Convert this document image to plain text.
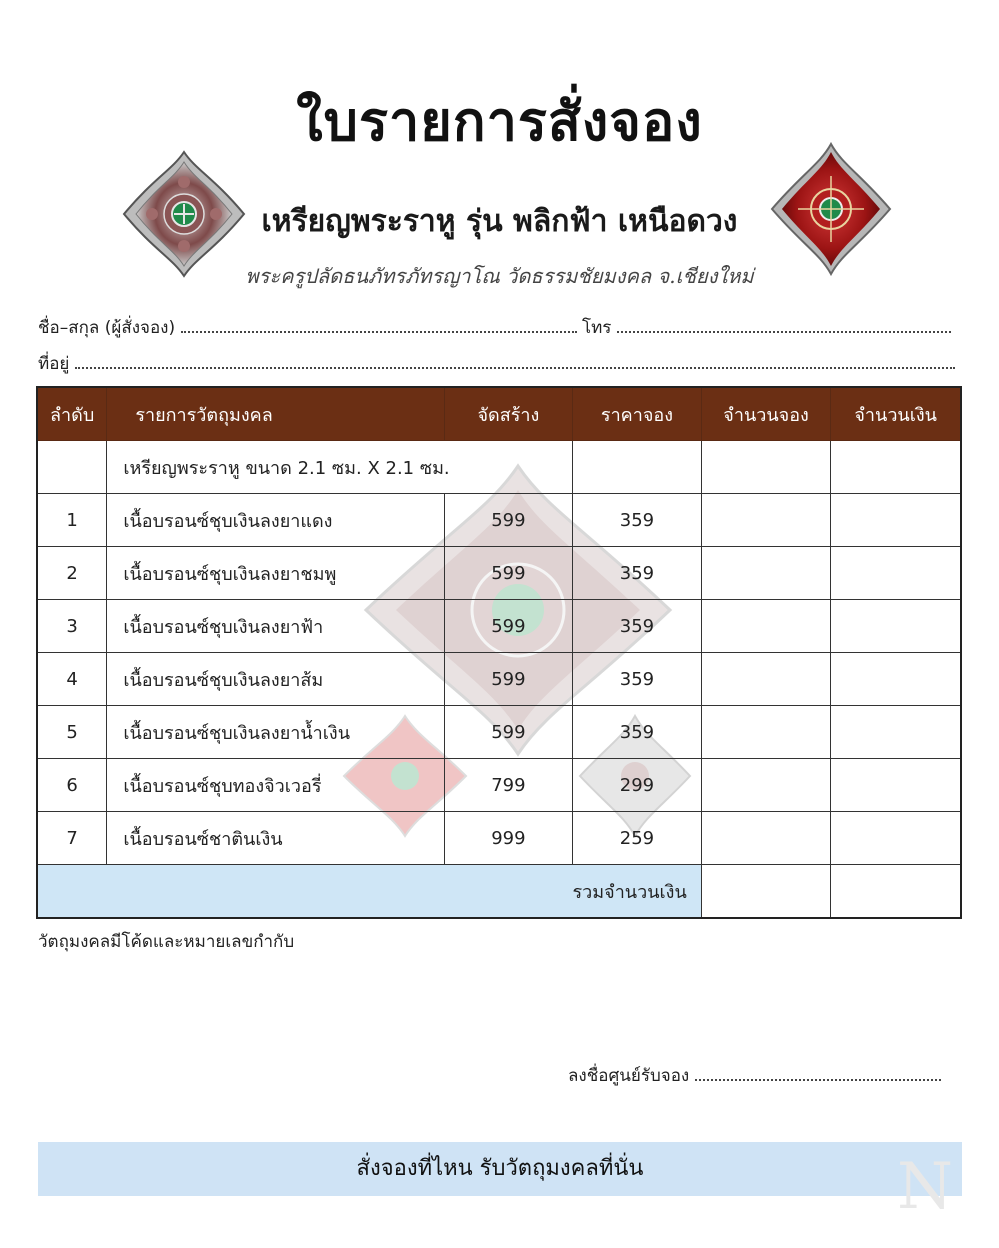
ใบรายการสั่งจอง
เหรียญพระราหู รุ่น พลิกฟ้า เหนือดวง
พระครูปลัดธนภัทรภัทรญาโณ วัดธรรมชัยมงคล จ.เชียงใหม่
ชื่อ–สกุล (ผู้สั่งจอง)	โทร
ที่อยู่
ลำดับ	รายการวัตถุมงคล	จัดสร้าง	ราคาจอง	จำนวนจอง	จำนวนเงิน
	เหรียญพระราหู ขนาด 2.1 ซม. X 2.1 ซม.				
1	เนื้อบรอนซ์ชุบเงินลงยาแดง	599	359		
2	เนื้อบรอนซ์ชุบเงินลงยาชมพู	599	359		
3	เนื้อบรอนซ์ชุบเงินลงยาฟ้า	599	359		
4	เนื้อบรอนซ์ชุบเงินลงยาส้ม	599	359		
5	เนื้อบรอนซ์ชุบเงินลงยาน้ำเงิน	599	359		
6	เนื้อบรอนซ์ชุบทองจิวเวอรี่	799	299		
7	เนื้อบรอนซ์ชาตินเงิน	999	259		
รวมจำนวนเงิน					
วัตถุมงคลมีโค้ดและหมายเลขกำกับ
ลงชื่อศูนย์รับจอง
สั่งจองที่ไหน รับวัตถุมงคลที่นั่น	N
